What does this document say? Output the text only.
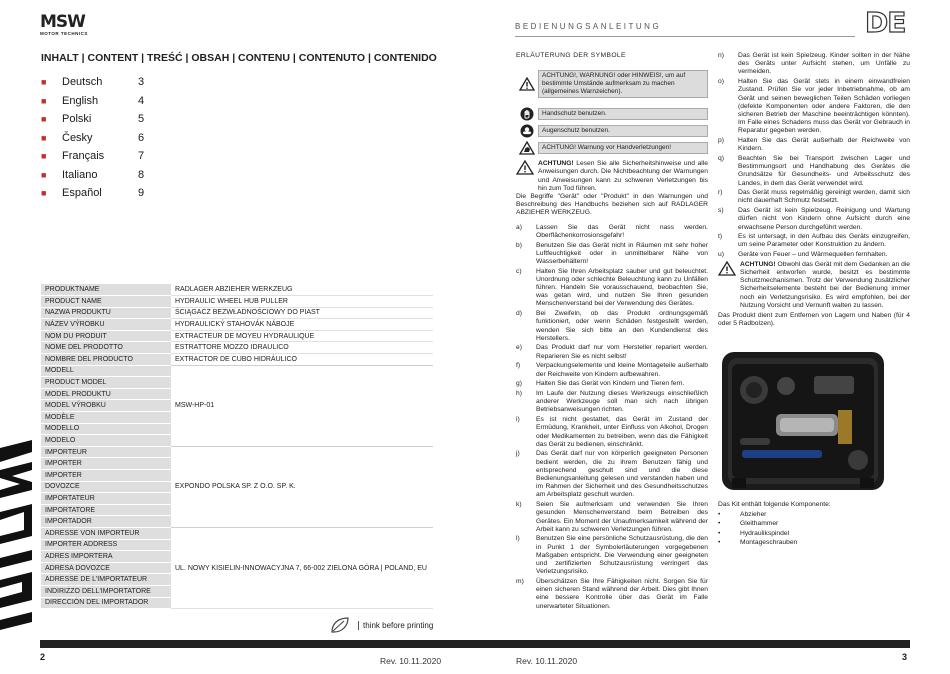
MSW
MOTOR TECHNICS
INHALT | CONTENT | TREŚĆ | OBSAH | CONTENU | CONTENUTO | CONTENIDO
■	Deutsch	3
■	English	4
■	Polski	5
■	Česky	6
■	Français	7
■	Italiano	8
■	Español	9
PRODUKTNAME	RADLAGER ABZIEHER WERKZEUG
PRODUCT NAME	HYDRAULIC WHEEL HUB PULLER
NAZWA PRODUKTU	ŚCIĄGACZ BEZWŁADNOŚCIOWY DO PIAST
NÁZEV VÝROBKU	HYDRAULICKÝ STAHOVÁK NÁBOJE
NOM DU PRODUIT	EXTRACTEUR DE MOYEU HYDRAULIQUE
NOME DEL PRODOTTO	ESTRATTORE MOZZO IDRAULICO
NOMBRE DEL PRODUCTO	EXTRACTOR DE CUBO HIDRÁULICO
MODELL	MSW-HP-01
PRODUCT MODEL	
MODEL PRODUKTU	
MODEL VÝROBKU	
MODÈLE	
MODELLO	
MODELO	
IMPORTEUR	EXPONDO POLSKA SP. Z O.O. SP. K.
IMPORTER	
IMPORTER	
DOVOZCE	
IMPORTATEUR	
IMPORTATORE	
IMPORTADOR	
ADRESSE VON IMPORTEUR	UL. NOWY KISIELIN-INNOWACYJNA 7, 66-002 ZIELONA GÓRA | POLAND, EU
IMPORTER ADDRESS	
ADRES IMPORTERA	
ADRESA DOVOZCE	
ADRESSE DE L'IMPORTATEUR	
INDIRIZZO DELL'IMPORTATORE	
DIRECCIÓN DEL IMPORTADOR	
think before printing
2	Rev. 10.11.2020	Rev. 10.11.2020	3
BEDIENUNGSANLEITUNG	DE
ERLÄUTERUNG DER SYMBOLE
ACHTUNG!, WARNUNG! oder HINWEIS!, um auf bestimmte Umstände aufmerksam zu machen (allgemeines Warnzeichen).
Handschutz benutzen.
Augenschutz benutzen.
ACHTUNG! Warnung vor Handverletzungen!

ACHTUNG! Lesen Sie alle Sicherheitshinweise und alle Anweisungen durch. Die Nichtbeachtung der Warnungen und Anweisungen kann zu schweren Verletzungen bis hin zum Tod führen.

Die Begriffe "Gerät" oder "Produkt" in den Warnungen und Beschreibung des Handbuchs beziehen sich auf RADLAGER ABZIEHER WERKZEUG.

a)	Lassen Sie das Gerät nicht nass werden. Oberflächenkorrosionsgefahr!
b)	Benutzen Sie das Gerät nicht in Räumen mit sehr hoher Luftfeuchtigkeit oder in unmittelbarer Nähe von Wasserbehältern!
c)	Halten Sie Ihren Arbeitsplatz sauber und gut beleuchtet. Unordnung oder schlechte Beleuchtung kann zu Unfällen führen. Handeln Sie vorausschauend, beobachten Sie, was getan wird, und nutzen Sie Ihren gesunden Menschenverstand bei der Verwendung des Gerätes.
d)	Bei Zweifeln, ob das Produkt ordnungsgemäß funktioniert, oder wenn Schäden festgestellt werden, wenden Sie sich bitte an den Kundendienst des Herstellers.
e)	Das Produkt darf nur vom Hersteller repariert werden. Reparieren Sie es nicht selbst!
f)	Verpackungselemente und kleine Montageteile außerhalb der Reichweite von Kindern aufbewahren.
g)	Halten Sie das Gerät von Kindern und Tieren fern.
h)	Im Laufe der Nutzung dieses Werkzeugs einschließlich anderer Werkzeuge soll man sich nach übrigen Betriebsanweisungen richten.
i)	Es ist nicht gestattet, das Gerät im Zustand der Ermüdung, Krankheit, unter Einfluss von Alkohol, Drogen oder Medikamenten zu betreiben, wenn das die Fähigkeit das Gerät zu bedienen, einschränkt.
j)	Das Gerät darf nur von körperlich geeigneten Personen bedient werden, die zu ihrem Benutzen fähig und entsprechend geschult sind und die diese Bedienungsanleitung gelesen und verstanden haben und im Rahmen der Sicherheit und des Gesundheitsschutzes am Arbeitsplatz geschult wurden.
k)	Seien Sie aufmerksam und verwenden Sie Ihren gesunden Menschenverstand beim Betreiben des Gerätes. Ein Moment der Unaufmerksamkeit während der Arbeit kann zu schweren Verletzungen führen.
l)	Benutzen Sie eine persönliche Schutzausrüstung, die den in Punkt 1 der Symbolerläuterungen vorgegebenen Maßgaben entspricht. Die Verwendung einer geeigneten und zertifizierten Schutzausrüstung verringert das Verletzungsrisiko.
m)	Überschätzen Sie Ihre Fähigkeiten nicht. Sorgen Sie für einen sicheren Stand während der Arbeit. Dies gibt Ihnen eine bessere Kontrolle über das Gerät im Falle unerwarteter Situationen.
n)	Das Gerät ist kein Spielzeug. Kinder sollten in der Nähe des Geräts unter Aufsicht stehen, um Unfälle zu vermeiden.
o)	Halten Sie das Gerät stets in einem einwandfreien Zustand. Prüfen Sie vor jeder Inbetriebnahme, ob am Gerät und seinen beweglichen Teilen Schäden vorliegen (defekte Komponenten oder andere Faktoren, die den sicheren Betrieb der Maschine beeinträchtigen könnten). Im Falle eines Schadens muss das Gerät vor Gebrauch in Reparatur gegeben werden.
p)	Halten Sie das Gerät außerhalb der Reichweite von Kindern.
q)	Beachten Sie bei Transport zwischen Lager und Bestimmungsort und Handhabung des Gerätes die Grundsätze für Gesundheits- und Arbeitsschutz des Landes, in dem das Gerät verwendet wird.
r)	Das Gerät muss regelmäßig gereinigt werden, damit sich nicht dauerhaft Schmutz festsetzt.
s)	Das Gerät ist kein Spielzeug. Reinigung und Wartung dürfen nicht von Kindern ohne Aufsicht durch eine erwachsene Person durchgeführt werden.
t)	Es ist untersagt, in den Aufbau des Geräts einzugreifen, um seine Parameter oder Konstruktion zu ändern.
u)	Geräte von Feuer – und Wärmequellen fernhalten.

ACHTUNG! Obwohl das Gerät mit dem Gedanken an die Sicherheit entworfen wurde, besitzt es bestimmte Schutzmechanismen. Trotz der Verwendung zusätzlicher Sicherheitselemente besteht bei der Bedienung immer noch ein Verletzungsrisiko. Es wird empfohlen, bei der Nutzung Vorsicht und Vernunft walten zu lassen.

Das Produkt dient zum Entfernen von Lagern und Naben (für 4 oder 5 Radbolzen).

Das Kit enthält folgende Komponente:
•	Abzieher
•	Gleithammer
•	Hydraulikspindel
•	Montageschrauben
